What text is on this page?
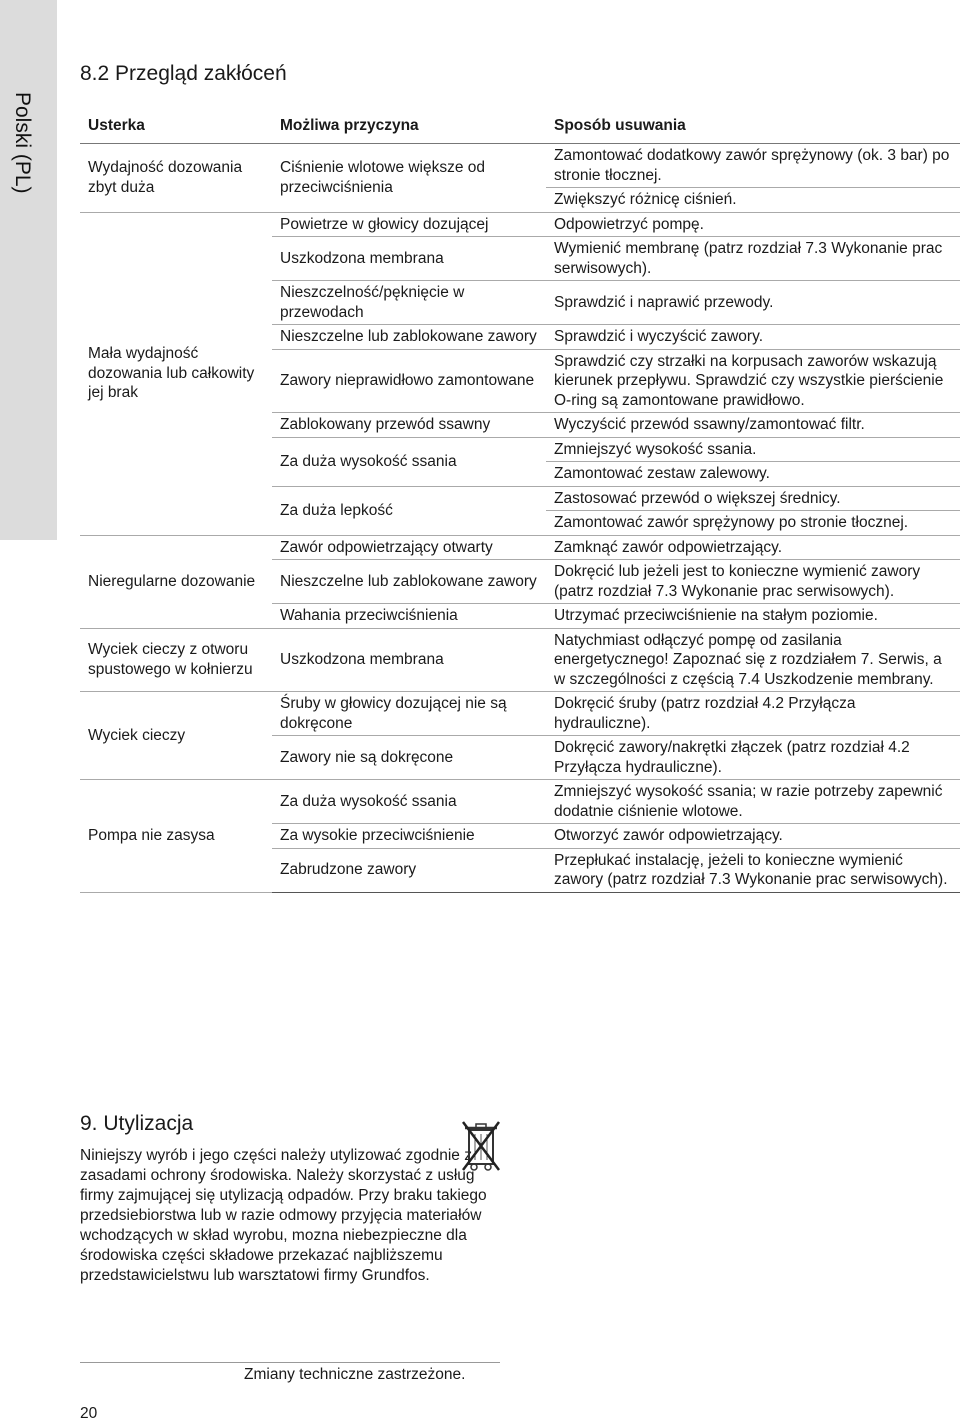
Polski (PL)
8.2 Przegląd zakłóceń
Usterka	Możliwa przyczyna	Sposób usuwania
Wydajność dozowania zbyt duża	Ciśnienie wlotowe większe od przeciwciśnienia	Zamontować dodatkowy zawór sprężynowy (ok. 3 bar) po stronie tłocznej.
		Zwiększyć różnicę ciśnień.
Mała wydajność dozowania lub całkowity jej brak	Powietrze w głowicy dozującej	Odpowietrzyć pompę.
	Uszkodzona membrana	Wymienić membranę (patrz rozdział 7.3 Wykonanie prac serwisowych).
	Nieszczelność/pęknięcie w przewodach	Sprawdzić i naprawić przewody.
	Nieszczelne lub zablokowane zawory	Sprawdzić i wyczyścić zawory.
	Zawory nieprawidłowo zamontowane	Sprawdzić czy strzałki na korpusach zaworów wskazują kierunek przepływu. Sprawdzić czy wszystkie pierścienie O-ring są zamontowane prawidłowo.
	Zablokowany przewód ssawny	Wyczyścić przewód ssawny/zamontować filtr.
	Za duża wysokość ssania	Zmniejszyć wysokość ssania.
		Zamontować zestaw zalewowy.
	Za duża lepkość	Zastosować przewód o większej średnicy.
		Zamontować zawór sprężynowy po stronie tłocznej.
Nieregularne dozowanie	Zawór odpowietrzający otwarty	Zamknąć zawór odpowietrzający.
	Nieszczelne lub zablokowane zawory	Dokręcić lub jeżeli jest to konieczne wymienić zawory (patrz rozdział 7.3 Wykonanie prac serwisowych).
	Wahania przeciwciśnienia	Utrzymać przeciwciśnienie na stałym poziomie.
Wyciek cieczy z otworu spustowego w kołnierzu	Uszkodzona membrana	Natychmiast odłączyć pompę od zasilania energetycznego! Zapoznać się z rozdziałem 7. Serwis, a w szczególności z częścią 7.4 Uszkodzenie membrany.
Wyciek cieczy	Śruby w głowicy dozującej nie są dokręcone	Dokręcić śruby (patrz rozdział 4.2 Przyłącza hydrauliczne).
	Zawory nie są dokręcone	Dokręcić zawory/nakrętki złączek (patrz rozdział 4.2 Przyłącza hydrauliczne).
Pompa nie zasysa	Za duża wysokość ssania	Zmniejszyć wysokość ssania; w razie potrzeby zapewnić dodatnie ciśnienie wlotowe.
	Za wysokie przeciwciśnienie	Otworzyć zawór odpowietrzający.
	Zabrudzone zawory	Przepłukać instalację, jeżeli to konieczne wymienić zawory (patrz rozdział 7.3 Wykonanie prac serwisowych).
9. Utylizacja

Niniejszy wyrób i jego części należy utylizować zgodnie z zasadami ochrony środowiska. Należy skorzystać z usług firmy zajmującej się utylizacją odpadów. Przy braku takiego przedsiebiorstwa lub w razie odmowy przyjęcia materiałów wchodzących w skład wyrobu, mozna niebezpieczne dla środowiska części składowe przekazać najbliższemu przedstawicielstwu lub warsztatowi firmy Grundfos.

Zmiany techniczne zastrzeżone.
20
